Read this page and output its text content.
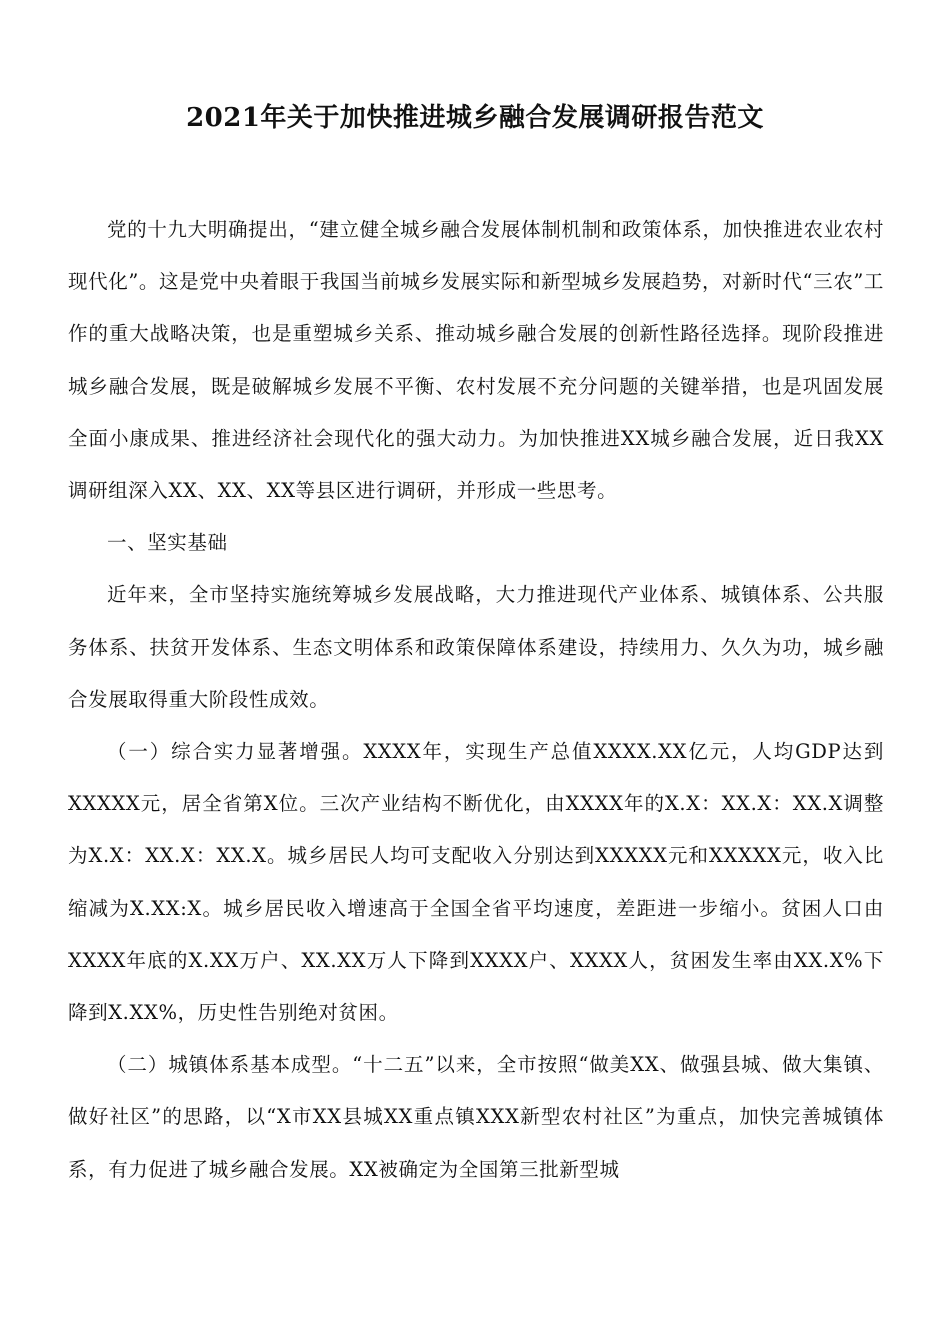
2021年关于加快推进城乡融合发展调研报告范文

党的十九大明确提出，“建立健全城乡融合发展体制机制和政策体系，加快推进农业农村现代化”。这是党中央着眼于我国当前城乡发展实际和新型城乡发展趋势，对新时代“三农”工作的重大战略决策，也是重塑城乡关系、推动城乡融合发展的创新性路径选择。现阶段推进城乡融合发展，既是破解城乡发展不平衡、农村发展不充分问题的关键举措，也是巩固发展全面小康成果、推进经济社会现代化的强大动力。为加快推进XX城乡融合发展，近日我XX调研组深入XX、XX、XX等县区进行调研，并形成一些思考。

一、坚实基础

近年来，全市坚持实施统筹城乡发展战略，大力推进现代产业体系、城镇体系、公共服务体系、扶贫开发体系、生态文明体系和政策保障体系建设，持续用力、久久为功，城乡融合发展取得重大阶段性成效。

（一）综合实力显著增强。XXXX年，实现生产总值XXXX.XX亿元，人均GDP达到XXXXX元，居全省第X位。三次产业结构不断优化，由XXXX年的X.X：XX.X：XX.X调整为X.X：XX.X：XX.X。城乡居民人均可支配收入分别达到XXXXX元和XXXXX元，收入比缩减为X.XX:X。城乡居民收入增速高于全国全省平均速度，差距进一步缩小。贫困人口由XXXX年底的X.XX万户、XX.XX万人下降到XXXX户、XXXX人，贫困发生率由XX.X%下降到X.XX%，历史性告别绝对贫困。

（二）城镇体系基本成型。“十二五”以来，全市按照“做美XX、做强县城、做大集镇、做好社区”的思路，以“X市XX县城XX重点镇XXX新型农村社区”为重点，加快完善城镇体系，有力促进了城乡融合发展。XX被确定为全国第三批新型城
